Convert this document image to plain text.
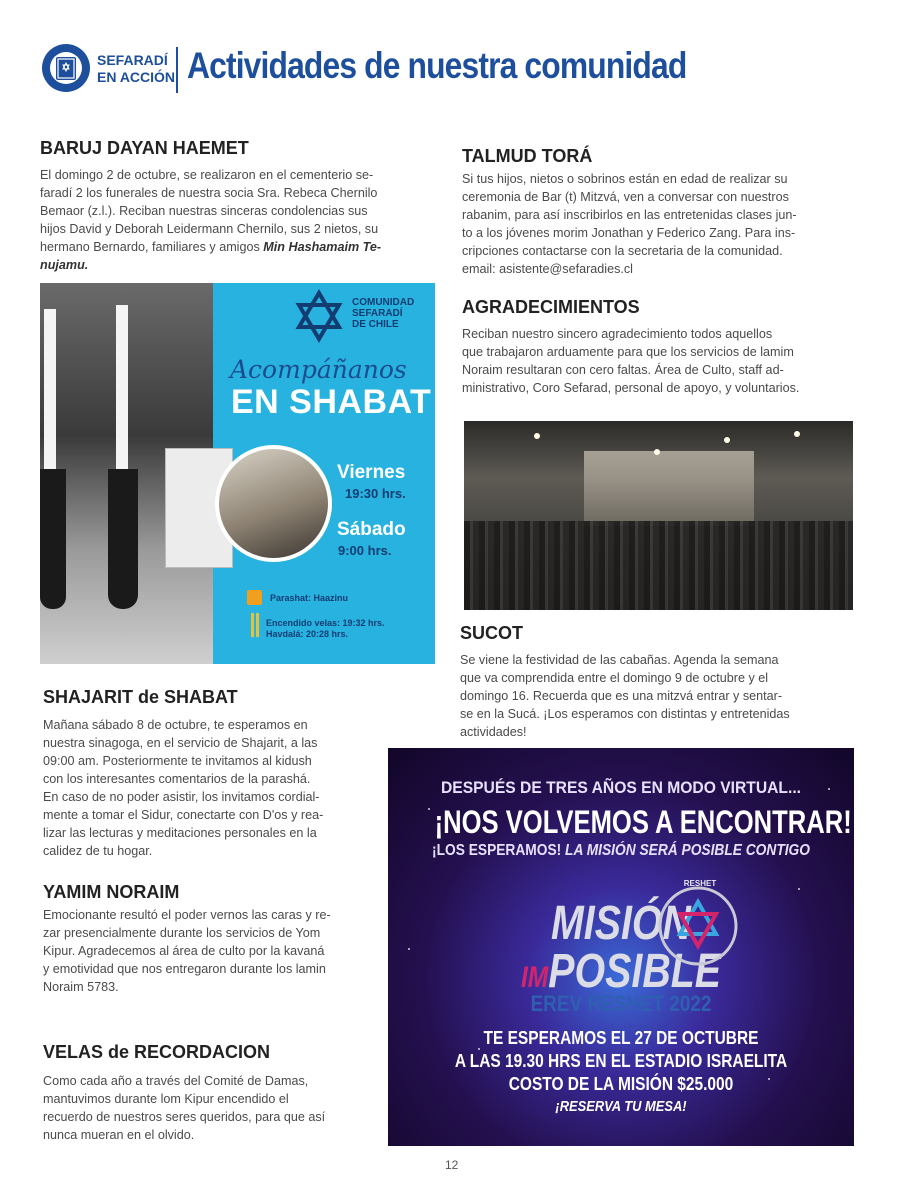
SEFARADÍ
EN ACCIÓN Actividades de nuestra comunidad
BARUJ DAYAN HAEMET

El domingo 2 de octubre, se realizaron en el cementerio se-
faradí 2 los funerales de nuestra socia Sra. Rebeca Chernilo
Bemaor (z.l.). Reciban nuestras sinceras condolencias sus
hijos David y Deborah Leidermann Chernilo, sus 2 nietos, su
hermano Bernardo, familiares y amigos Min Hashamaim Te-
nujamu.

COMUNIDAD
SEFARADÍ
DE CHILE
Acompáñanos
EN SHABAT
Viernes
19:30 hrs.
Sábado
9:00 hrs.
Parashat: Haazinu
Encendido velas: 19:32 hrs.
Havdalá: 20:28 hrs.
SHAJARIT de SHABAT

Mañana sábado 8 de octubre, te esperamos en
nuestra sinagoga, en el servicio de Shajarit, a las
09:00 am. Posteriormente te invitamos al kidush
con los interesantes comentarios de la parashá.
En caso de no poder asistir, los invitamos cordial-
mente a tomar el Sidur, conectarte con D'os y rea-
lizar las lecturas y meditaciones personales en la
calidez de tu hogar.

YAMIM NORAIM

Emocionante resultó el poder vernos las caras y re-
zar presencialmente durante los servicios de Yom
Kipur. Agradecemos al área de culto por la kavaná
y emotividad que nos entregaron durante los lamin
Noraim 5783.

VELAS de RECORDACION

Como cada año a través del Comité de Damas,
mantuvimos durante lom Kipur encendido el
recuerdo de nuestros seres queridos, para que así
nunca mueran en el olvido.

TALMUD TORÁ

Si tus hijos, nietos o sobrinos están en edad de realizar su
ceremonia de Bar (t) Mitzvá, ven a conversar con nuestros
rabanim, para así inscribirlos en las entretenidas clases jun-
to a los jóvenes morim Jonathan y Federico Zang. Para ins-
cripciones contactarse con la secretaria de la comunidad.
email: asistente@sefaradies.cl

AGRADECIMIENTOS

Reciban nuestro sincero agradecimiento todos aquellos
que trabajaron arduamente para que los servicios de lamim
Noraim resultaran con cero faltas. Área de Culto, staff ad-
ministrativo, Coro Sefarad, personal de apoyo, y voluntarios.

SUCOT

Se viene la festividad de las cabañas. Agenda la semana
que va comprendida entre el domingo 9 de octubre y el
domingo 16. Recuerda que es una mitzvá entrar y sentar-
se en la Sucá. ¡Los esperamos con distintas y entretenidas
actividades!

DESPUÉS DE TRES AÑOS EN MODO VIRTUAL...
¡NOS VOLVEMOS A ENCONTRAR!
¡LOS ESPERAMOS! LA MISIÓN SERÁ POSIBLE CONTIGO
MISIÓN
IMPOSIBLE
RESHET
EREV RESHET 2022
TE ESPERAMOS EL 27 DE OCTUBRE
A LAS 19.30 HRS EN EL ESTADIO ISRAELITA
COSTO DE LA MISIÓN $25.000
¡RESERVA TU MESA!
12
